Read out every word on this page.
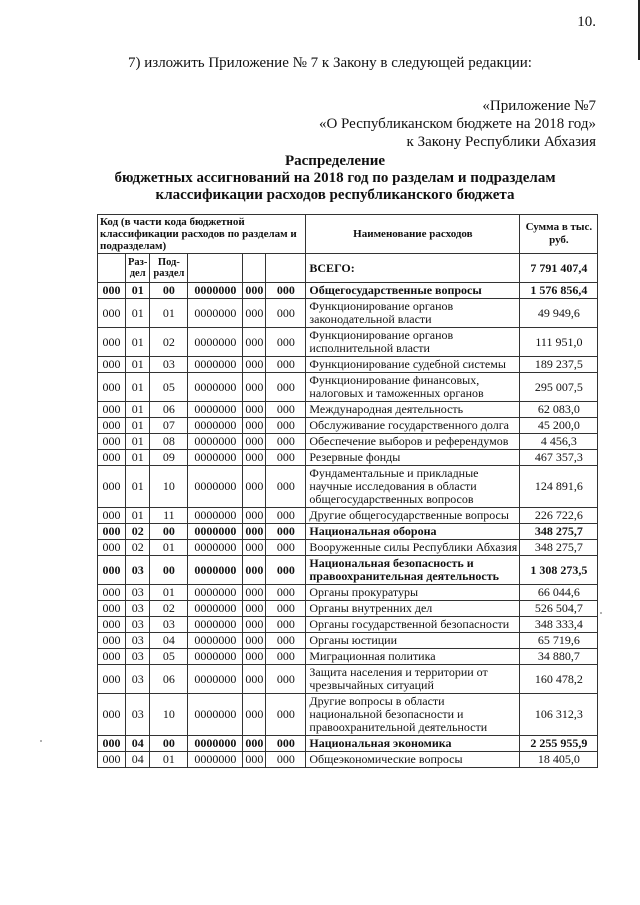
10.
7) изложить Приложение № 7 к Закону в следующей редакции:
«Приложение №7
«О Республиканском бюджете на 2018 год»
к Закону Республики Абхазия
Распределение
бюджетных ассигнований на 2018 год по разделам и подразделам
классификации расходов республиканского бюджета
Код (в части кода бюджетной классификации расходов по разделам и подразделам)						Наименование расходов	Сумма в тыс. руб.
	Раз-дел	Под-раздел				ВСЕГО:	7 791 407,4
000	01	00	0000000	000	000	Общегосударственные вопросы	1 576 856,4
000	01	01	0000000	000	000	Функционирование органов законодательной власти	49 949,6
000	01	02	0000000	000	000	Функционирование органов исполнительной власти	111 951,0
000	01	03	0000000	000	000	Функционирование судебной системы	189 237,5
000	01	05	0000000	000	000	Функционирование финансовых, налоговых и таможенных органов	295 007,5
000	01	06	0000000	000	000	Международная деятельность	62 083,0
000	01	07	0000000	000	000	Обслуживание государственного долга	45 200,0
000	01	08	0000000	000	000	Обеспечение выборов и референдумов	4 456,3
000	01	09	0000000	000	000	Резервные фонды	467 357,3
000	01	10	0000000	000	000	Фундаментальные и прикладные научные исследования в области общегосударственных вопросов	124 891,6
000	01	11	0000000	000	000	Другие общегосударственные вопросы	226 722,6
000	02	00	0000000	000	000	Национальная оборона	348 275,7
000	02	01	0000000	000	000	Вооруженные силы Республики Абхазия	348 275,7
000	03	00	0000000	000	000	Национальная безопасность и правоохранительная деятельность	1 308 273,5
000	03	01	0000000	000	000	Органы прокуратуры	66 044,6
000	03	02	0000000	000	000	Органы внутренних дел	526 504,7
000	03	03	0000000	000	000	Органы государственной безопасности	348 333,4
000	03	04	0000000	000	000	Органы юстиции	65 719,6
000	03	05	0000000	000	000	Миграционная политика	34 880,7
000	03	06	0000000	000	000	Защита населения и территории от чрезвычайных ситуаций	160 478,2
000	03	10	0000000	000	000	Другие вопросы в области национальной безопасности и правоохранительной деятельности	106 312,3
000	04	00	0000000	000	000	Национальная экономика	2 255 955,9
000	04	01	0000000	000	000	Общеэкономические вопросы	18 405,0
